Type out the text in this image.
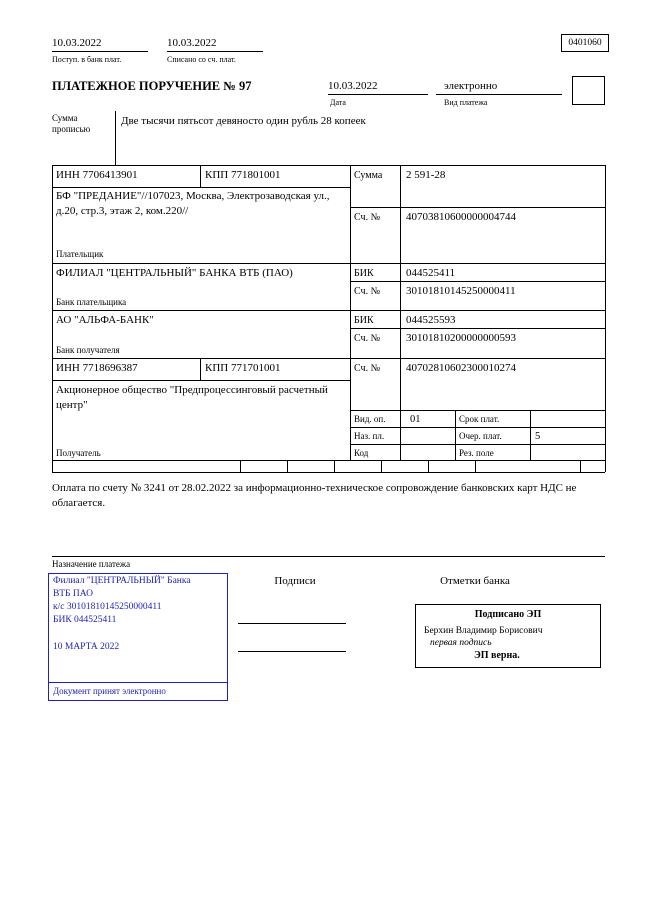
10.03.2022
Поступ. в банк плат.
10.03.2022
Списано со сч. плат.
0401060
ПЛАТЕЖНОЕ ПОРУЧЕНИЕ № 97	10.03.2022
Дата
электронно
Вид платежа
Сумма
прописью
Две тысячи пятьсот девяносто один рубль 28 копеек
ИНН 7706413901	КПП 771801001	Сумма 2 591-28
БФ "ПРЕДАНИЕ"//107023, Москва, Электрозаводская ул., д.20, стр.3, этаж 2, ком.220//
Сч. № 40703810600000004744
Плательщик
ФИЛИАЛ "ЦЕНТРАЛЬНЫЙ" БАНКА ВТБ (ПАО)	БИК	044525411
Сч. № 30101810145250000411
Банк плательщика
АО "АЛЬФА-БАНК"	БИК	044525593
Сч. № 30101810200000000593
Банк получателя
ИНН 7718696387	КПП 771701001	Сч. № 40702810602300010274
Акционерное общество "Предпроцессинговый расчетный центр"
Получатель
Вид. оп. 01	Срок плат.
Наз. пл.	Очер. плат.	5
Код	Рез. поле
Оплата по счету № 3241 от 28.02.2022 за информационно-техническое сопровождение банковских карт НДС не облагается.
Назначение платежа
Подписи	Отметки банка
Филиал "ЦЕНТРАЛЬНЫЙ" Банка
ВТБ ПАО
к/с 30101810145250000411
БИК 044525411
10 МАРТА 2022
Документ принят электронно
Подписано ЭП
Берхин Владимир Борисович
первая подпись
ЭП верна.
